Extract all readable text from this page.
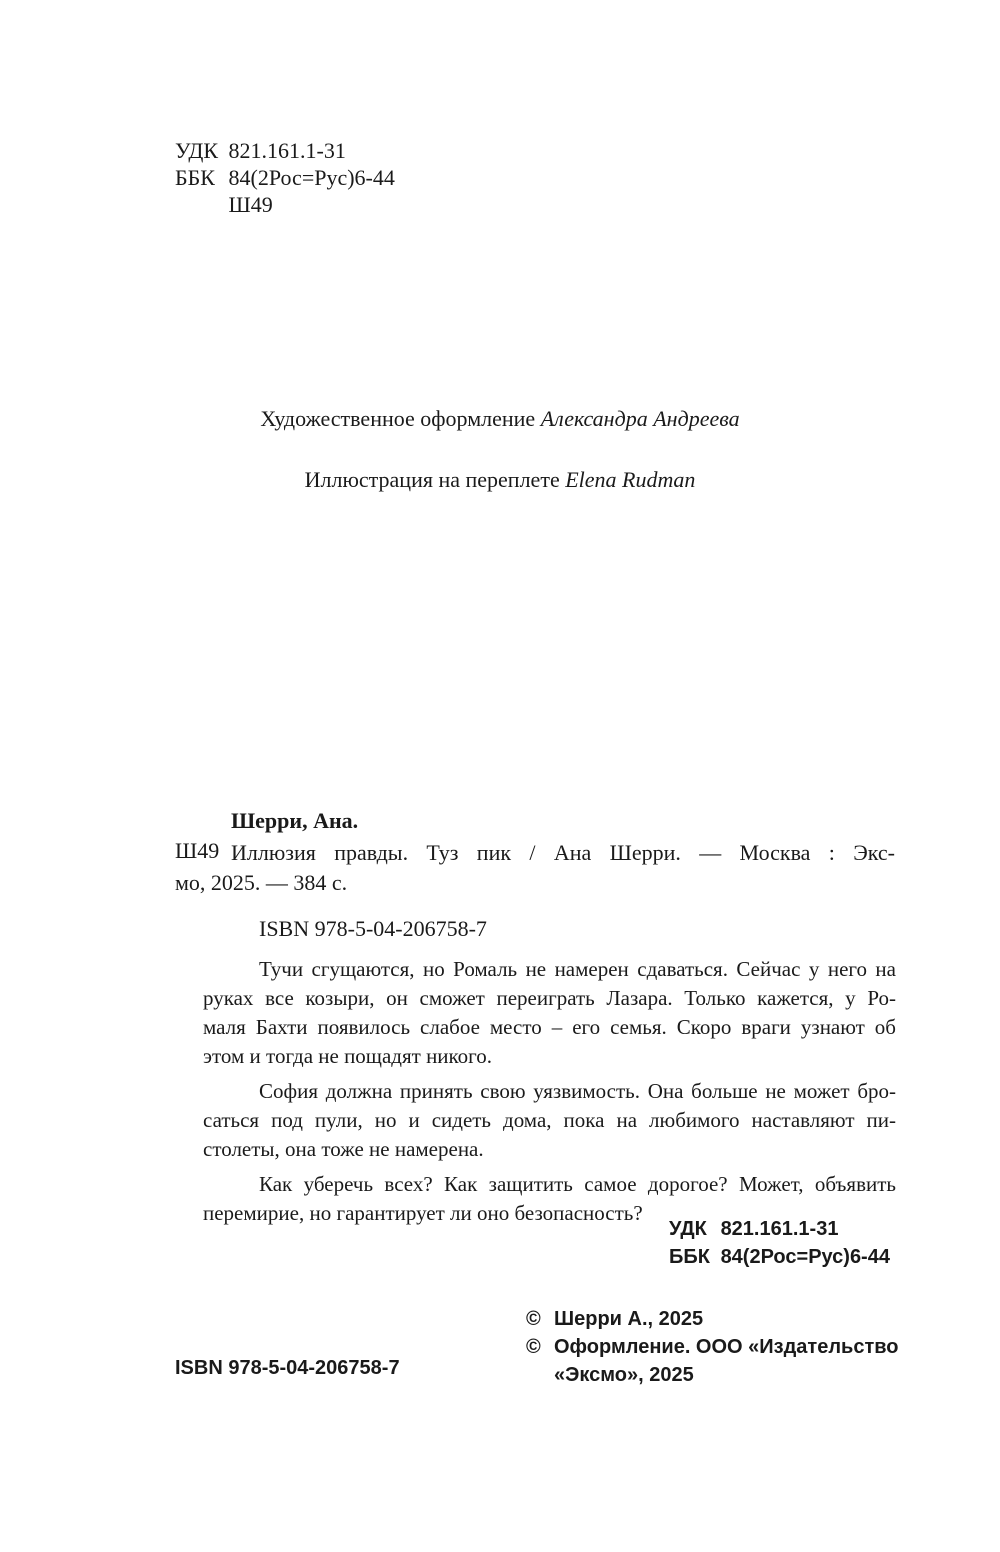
УДК 821.161.1-31
ББК 84(2Рос=Рус)6-44
Ш49
Художественное оформление Александра Андреева
Иллюстрация на переплете Elena Rudman
Шерри, Ана.
Ш49 Иллюзия правды. Туз пик / Ана Шерри. — Москва : Экс-
мо, 2025. — 384 с.
ISBN 978-5-04-206758-7

Тучи сгущаются, но Ромаль не намерен сдаваться. Сейчас у него на
руках все козыри, он сможет переиграть Лазара. Только кажется, у Ро-
маля Бахти появилось слабое место – его семья. Скоро враги узнают об
этом и тогда не пощадят никого.

София должна принять свою уязвимость. Она больше не может бро-
саться под пули, но и сидеть дома, пока на любимого наставляют пи-
столеты, она тоже не намерена.

Как уберечь всех? Как защитить самое дорогое? Может, объявить
перемирие, но гарантирует ли оно безопасность?

УДК 821.161.1-31
ББК 84(2Рос=Рус)6-44
ISBN 978-5-04-206758-7
© Шерри А., 2025
© Оформление. ООО «Издательство
«Эксмо», 2025
